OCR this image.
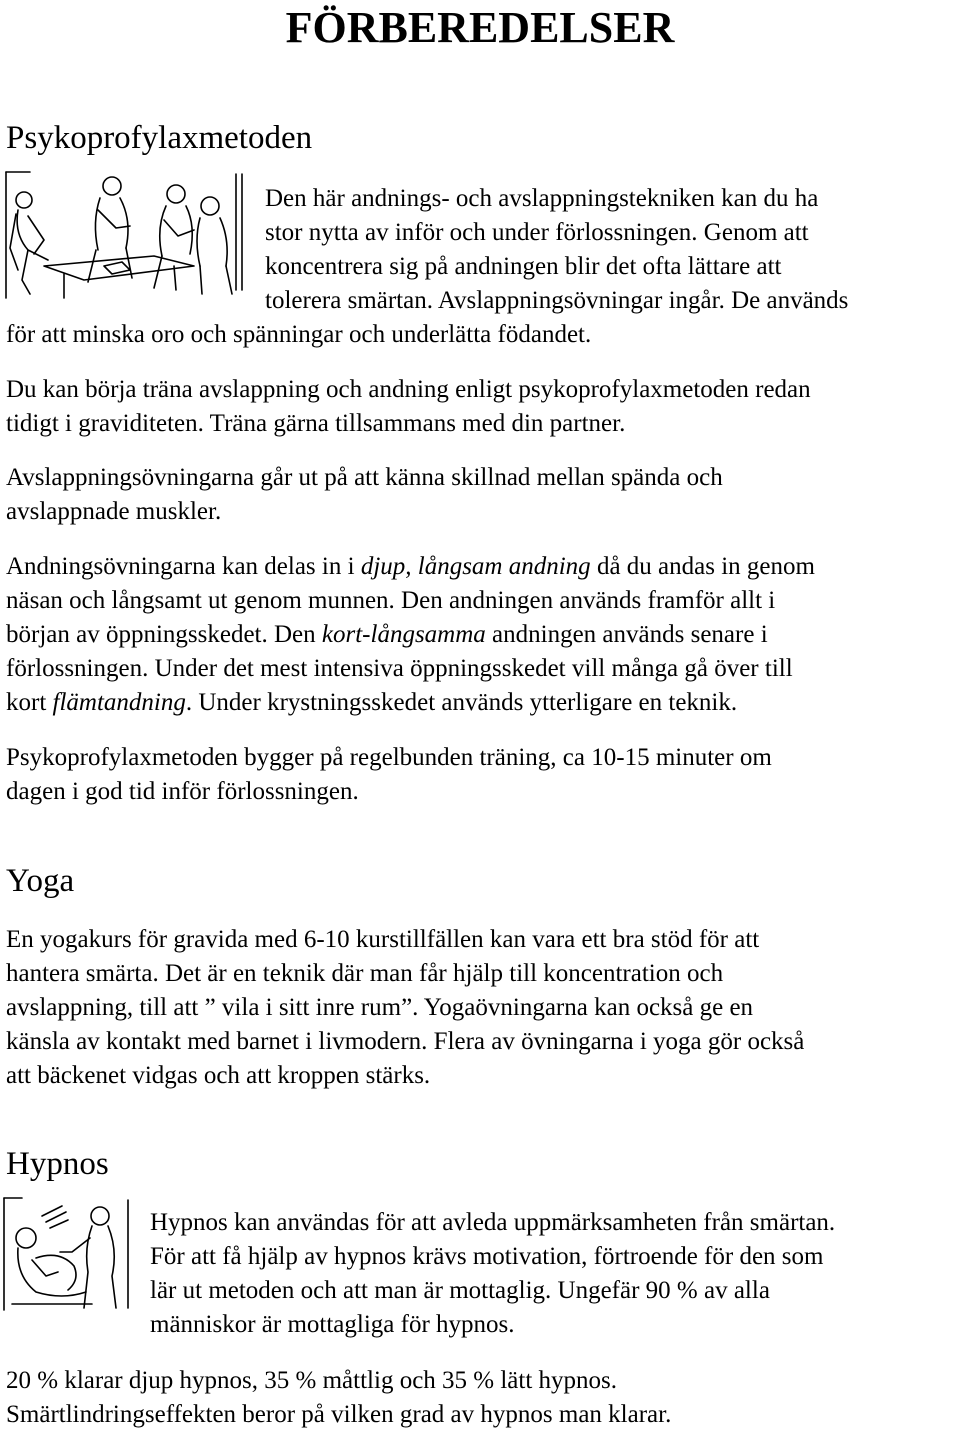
FÖRBEREDELSER
Psykoprofylaxmetoden
Den här andnings- och avslappningstekniken kan du ha
stor nytta av inför och under förlossningen. Genom att
koncentrera sig på andningen blir det ofta lättare att
tolerera smärtan. Avslappningsövningar ingår. De används
för att minska oro och spänningar och underlätta födandet.
Du kan börja träna avslappning och andning enligt psykoprofylaxmetoden redan
tidigt i graviditeten. Träna gärna tillsammans med din partner.
Avslappningsövningarna går ut på att känna skillnad mellan spända och
avslappnade muskler.
Andningsövningarna kan delas in i djup, långsam andning då du andas in genom
näsan och långsamt ut genom munnen. Den andningen används framför allt i
början av öppningsskedet. Den kort-långsamma andningen används senare i
förlossningen. Under det mest intensiva öppningsskedet vill många gå över till
kort flämtandning. Under krystningsskedet används ytterligare en teknik.
Psykoprofylaxmetoden bygger på regelbunden träning, ca 10-15 minuter om
dagen i god tid inför förlossningen.
Yoga
En yogakurs för gravida med 6-10 kurstillfällen kan vara ett bra stöd för att
hantera smärta. Det är en teknik där man får hjälp till koncentration och
avslappning, till att ” vila i sitt inre rum”. Yogaövningarna kan också ge en
känsla av kontakt med barnet i livmodern. Flera av övningarna i yoga gör också
att bäckenet vidgas och att kroppen stärks.
Hypnos
Hypnos kan användas för att avleda uppmärksamheten från smärtan.
För att få hjälp av hypnos krävs motivation, förtroende för den som
lär ut metoden och att man är mottaglig. Ungefär 90 % av alla
människor är mottagliga för hypnos.
20 % klarar djup hypnos, 35 % måttlig och 35 % lätt hypnos.
Smärtlindringseffekten beror på vilken grad av hypnos man klarar.
